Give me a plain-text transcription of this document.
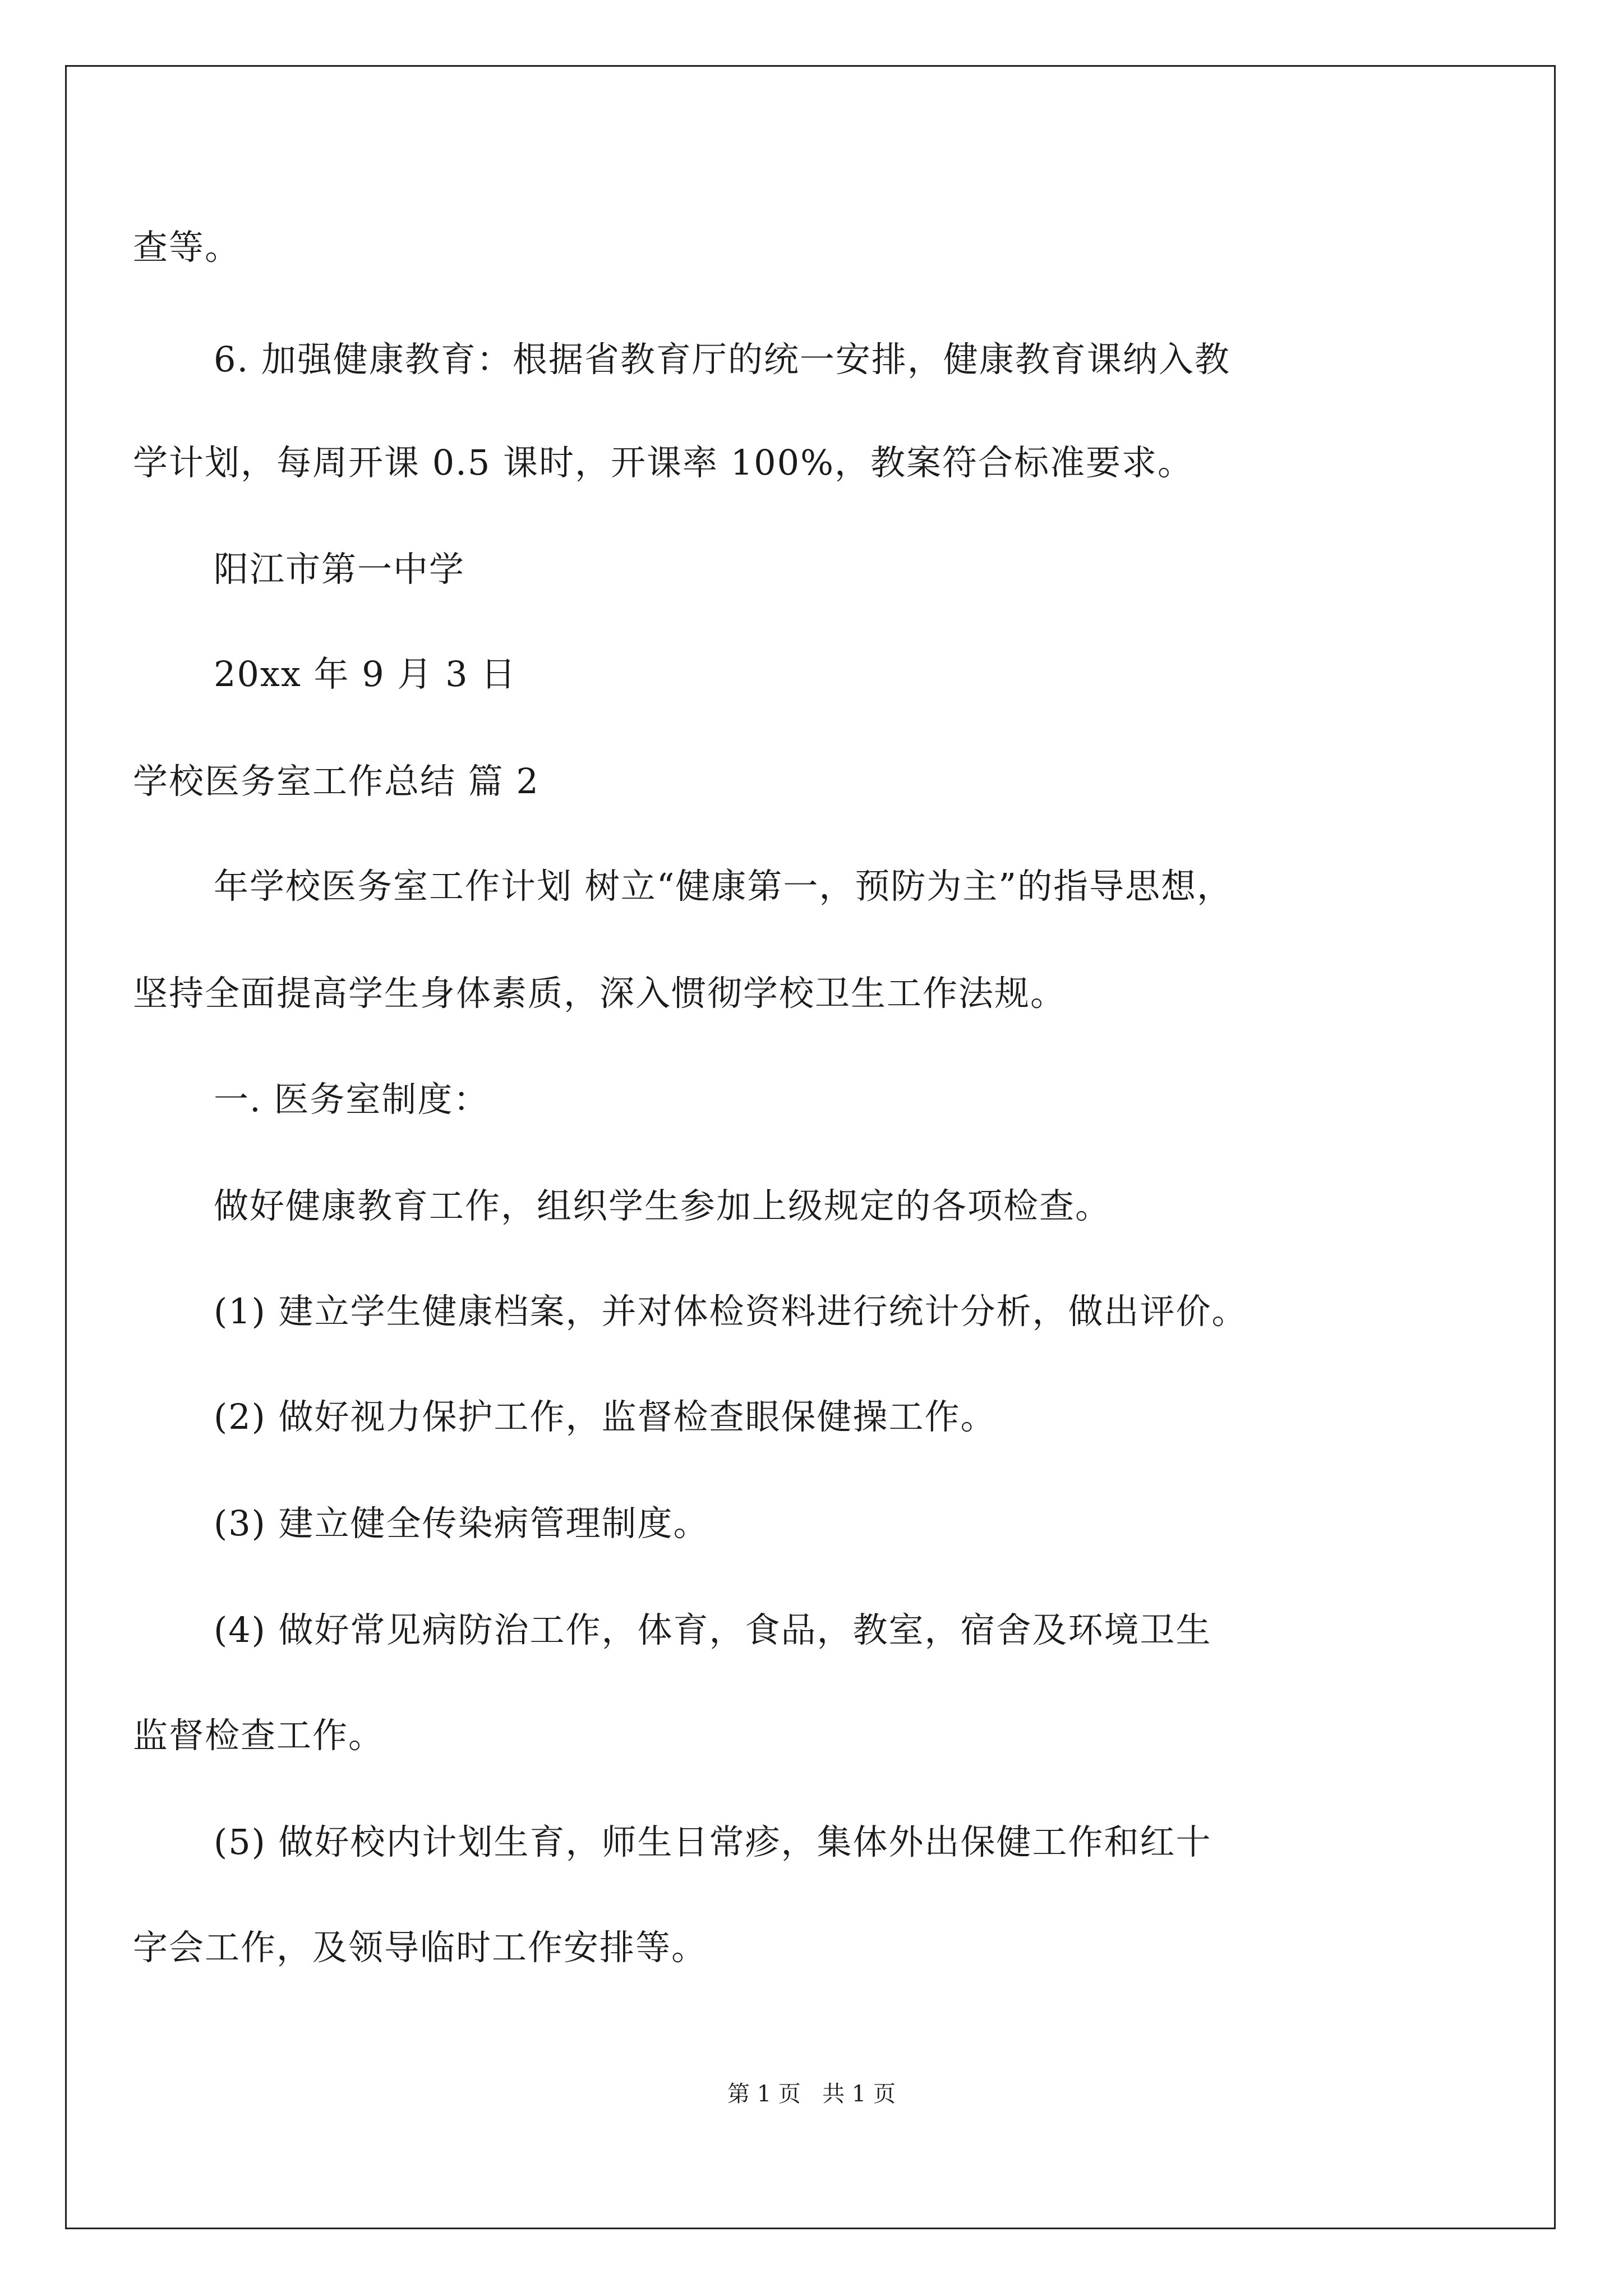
查等。
6. 加强健康教育：根据省教育厅的统一安排，健康教育课纳入教
学计划，每周开课 0.5 课时，开课率 100%，教案符合标准要求。
阳江市第一中学
20xx 年 9 月 3 日
学校医务室工作总结 篇 2
年学校医务室工作计划 树立“健康第一，预防为主”的指导思想，
坚持全面提高学生身体素质，深入惯彻学校卫生工作法规。
一. 医务室制度：
做好健康教育工作，组织学生参加上级规定的各项检查。
(1) 建立学生健康档案，并对体检资料进行统计分析，做出评价。
(2) 做好视力保护工作，监督检查眼保健操工作。
(3) 建立健全传染病管理制度。
(4) 做好常见病防治工作，体育，食品，教室，宿舍及环境卫生
监督检查工作。
(5) 做好校内计划生育，师生日常疹，集体外出保健工作和红十
字会工作，及领导临时工作安排等。
第 1 页   共 1 页
